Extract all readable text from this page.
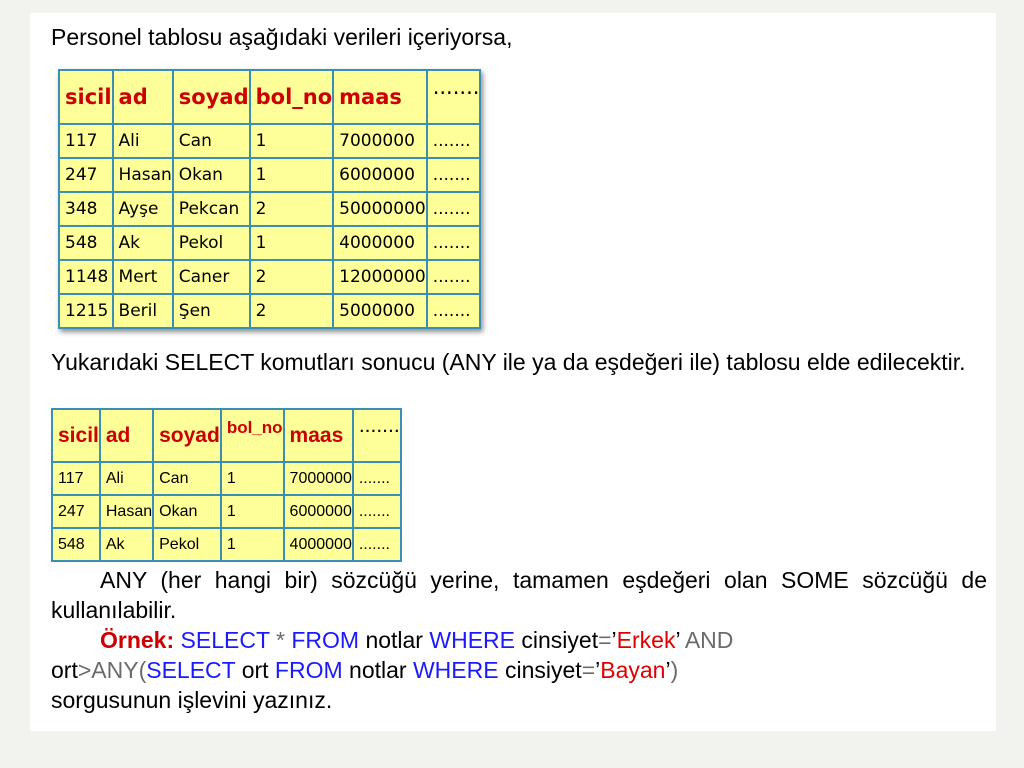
Personel tablosu aşağıdaki verileri içeriyorsa,
sicil	ad	soyad	bol_no	maas	.......
117	Ali	Can	1	7000000	.......
247	Hasan	Okan	1	6000000	.......
348	Ayşe	Pekcan	2	50000000	.......
548	Ak	Pekol	1	4000000	.......
1148	Mert	Caner	2	12000000	.......
1215	Beril	Şen	2	5000000	.......
Yukarıdaki SELECT komutları sonucu (ANY ile ya da eşdeğeri ile) tablosu elde edilecektir.
sicil	ad	soyad	bol_no	maas	.......
117	Ali	Can	1	7000000	.......
247	Hasan	Okan	1	6000000	.......
548	Ak	Pekol	1	4000000	.......
ANY (her hangi bir) sözcüğü yerine, tamamen eşdeğeri olan SOME sözcüğü de kullanılabilir.
Örnek: SELECT * FROM notlar WHERE cinsiyet=’Erkek’ AND
ort>ANY(SELECT ort FROM notlar WHERE cinsiyet=’Bayan’)
sorgusunun işlevini yazınız.
